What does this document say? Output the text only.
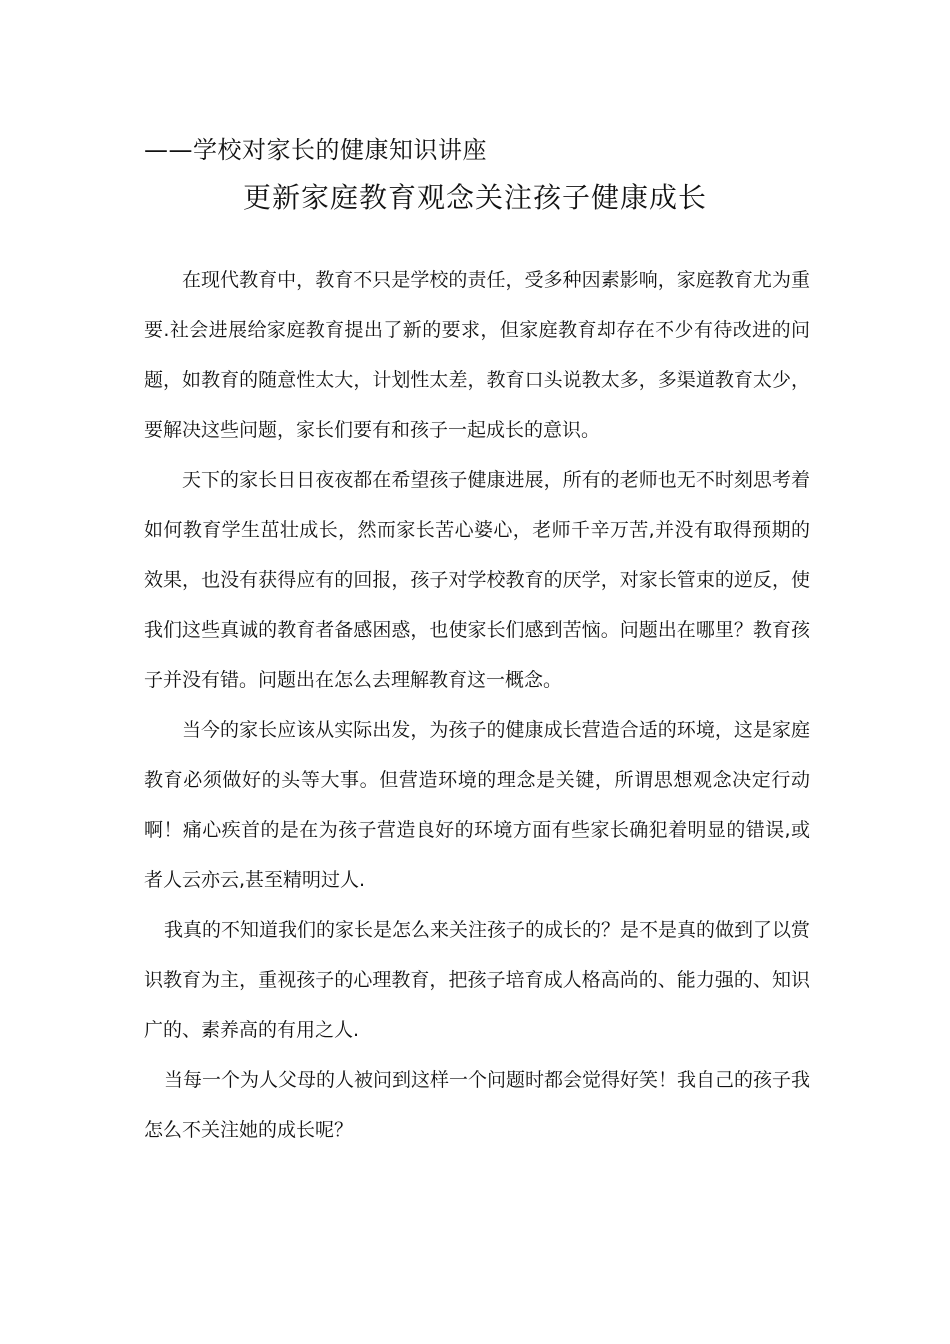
——学校对家长的健康知识讲座
更新家庭教育观念关注孩子健康成长

在现代教育中，教育不只是学校的责任，受多种因素影响，家庭教育尤为重要.社会进展给家庭教育提出了新的要求，但家庭教育却存在不少有待改进的问题，如教育的随意性太大，计划性太差，教育口头说教太多，多渠道教育太少，要解决这些问题，家长们要有和孩子一起成长的意识。

天下的家长日日夜夜都在希望孩子健康进展，所有的老师也无不时刻思考着如何教育学生茁壮成长，然而家长苦心婆心，老师千辛万苦,并没有取得预期的效果，也没有获得应有的回报，孩子对学校教育的厌学，对家长管束的逆反，使我们这些真诚的教育者备感困惑，也使家长们感到苦恼。问题出在哪里？教育孩子并没有错。问题出在怎么去理解教育这一概念。

当今的家长应该从实际出发，为孩子的健康成长营造合适的环境，这是家庭教育必须做好的头等大事。但营造环境的理念是关键，所谓思想观念决定行动啊！痛心疾首的是在为孩子营造良好的环境方面有些家长确犯着明显的错误,或者人云亦云,甚至精明过人.

我真的不知道我们的家长是怎么来关注孩子的成长的？是不是真的做到了以赏识教育为主，重视孩子的心理教育，把孩子培育成人格高尚的、能力强的、知识广的、素养高的有用之人.

当每一个为人父母的人被问到这样一个问题时都会觉得好笑！我自己的孩子我怎么不关注她的成长呢？
